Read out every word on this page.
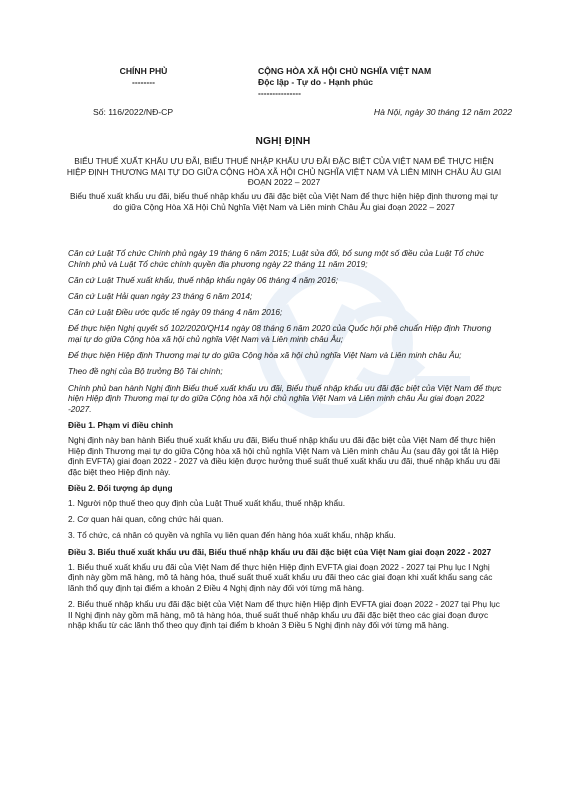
CHÍNH PHỦ
--------
CỘNG HÒA XÃ HỘI CHỦ NGHĨA VIỆT NAM
Độc lập - Tự do - Hạnh phúc
---------------
Số: 116/2022/NĐ-CP	Hà Nội, ngày 30 tháng 12 năm 2022
NGHỊ ĐỊNH
BIỂU THUẾ XUẤT KHẨU ƯU ĐÃI, BIỂU THUẾ NHẬP KHẨU ƯU ĐÃI ĐẶC BIỆT CỦA VIỆT NAM ĐỂ THỰC HIỆN HIỆP ĐỊNH THƯƠNG MẠI TỰ DO GIỮA CỘNG HÒA XÃ HỘI CHỦ NGHĨA VIỆT NAM VÀ LIÊN MINH CHÂU ÂU GIAI ĐOẠN 2022 – 2027
Biểu thuế xuất khẩu ưu đãi, biểu thuế nhập khẩu ưu đãi đặc biệt của Việt Nam để thực hiện hiệp định thương mại tự do giữa Cộng Hòa Xã Hội Chủ Nghĩa Việt Nam và Liên minh Châu Âu giai đoạn 2022 – 2027

Căn cứ Luật Tổ chức Chính phủ ngày 19 tháng 6 năm 2015; Luật sửa đổi, bổ sung một số điều của Luật Tổ chức Chính phủ và Luật Tổ chức chính quyền địa phương ngày 22 tháng 11 năm 2019;

Căn cứ Luật Thuế xuất khẩu, thuế nhập khẩu ngày 06 tháng 4 năm 2016;

Căn cứ Luật Hải quan ngày 23 tháng 6 năm 2014;

Căn cứ Luật Điều ước quốc tế ngày 09 tháng 4 năm 2016;

Để thực hiện Nghị quyết số 102/2020/QH14 ngày 08 tháng 6 năm 2020 của Quốc hội phê chuẩn Hiệp định Thương mại tự do giữa Cộng hòa xã hội chủ nghĩa Việt Nam và Liên minh châu Âu;

Để thực hiện Hiệp định Thương mại tự do giữa Cộng hòa xã hội chủ nghĩa Việt Nam và Liên minh châu Âu;

Theo đề nghị của Bộ trưởng Bộ Tài chính;

Chính phủ ban hành Nghị định Biểu thuế xuất khẩu ưu đãi, Biểu thuế nhập khẩu ưu đãi đặc biệt của Việt Nam để thực hiện Hiệp định Thương mại tự do giữa Cộng hòa xã hội chủ nghĩa Việt Nam và Liên minh châu Âu giai đoạn 2022 -2027.

Điều 1. Phạm vi điều chỉnh

Nghị định này ban hành Biểu thuế xuất khẩu ưu đãi, Biểu thuế nhập khẩu ưu đãi đặc biệt của Việt Nam để thực hiện Hiệp định Thương mại tự do giữa Cộng hòa xã hội chủ nghĩa Việt Nam và Liên minh châu Âu (sau đây gọi tắt là Hiệp định EVFTA) giai đoạn 2022 - 2027 và điều kiện được hưởng thuế suất thuế xuất khẩu ưu đãi, thuế nhập khẩu ưu đãi đặc biệt theo Hiệp định này.

Điều 2. Đối tượng áp dụng

1. Người nộp thuế theo quy định của Luật Thuế xuất khẩu, thuế nhập khẩu.

2. Cơ quan hải quan, công chức hải quan.

3. Tổ chức, cá nhân có quyền và nghĩa vụ liên quan đến hàng hóa xuất khẩu, nhập khẩu.

Điều 3. Biểu thuế xuất khẩu ưu đãi, Biểu thuế nhập khẩu ưu đãi đặc biệt của Việt Nam giai đoạn 2022 - 2027

1. Biểu thuế xuất khẩu ưu đãi của Việt Nam để thực hiện Hiệp định EVFTA giai đoạn 2022 - 2027 tại Phụ lục I Nghị định này gồm mã hàng, mô tả hàng hóa, thuế suất thuế xuất khẩu ưu đãi theo các giai đoạn khi xuất khẩu sang các lãnh thổ quy định tại điểm a khoản 2 Điều 4 Nghị định này đối với từng mã hàng.

2. Biểu thuế nhập khẩu ưu đãi đặc biệt của Việt Nam để thực hiện Hiệp định EVFTA giai đoạn 2022 - 2027 tại Phụ lục II Nghị định này gồm mã hàng, mô tả hàng hóa, thuế suất thuế nhập khẩu ưu đãi đặc biệt theo các giai đoạn được nhập khẩu từ các lãnh thổ theo quy định tại điểm b khoản 3 Điều 5 Nghị định này đối với từng mã hàng.
